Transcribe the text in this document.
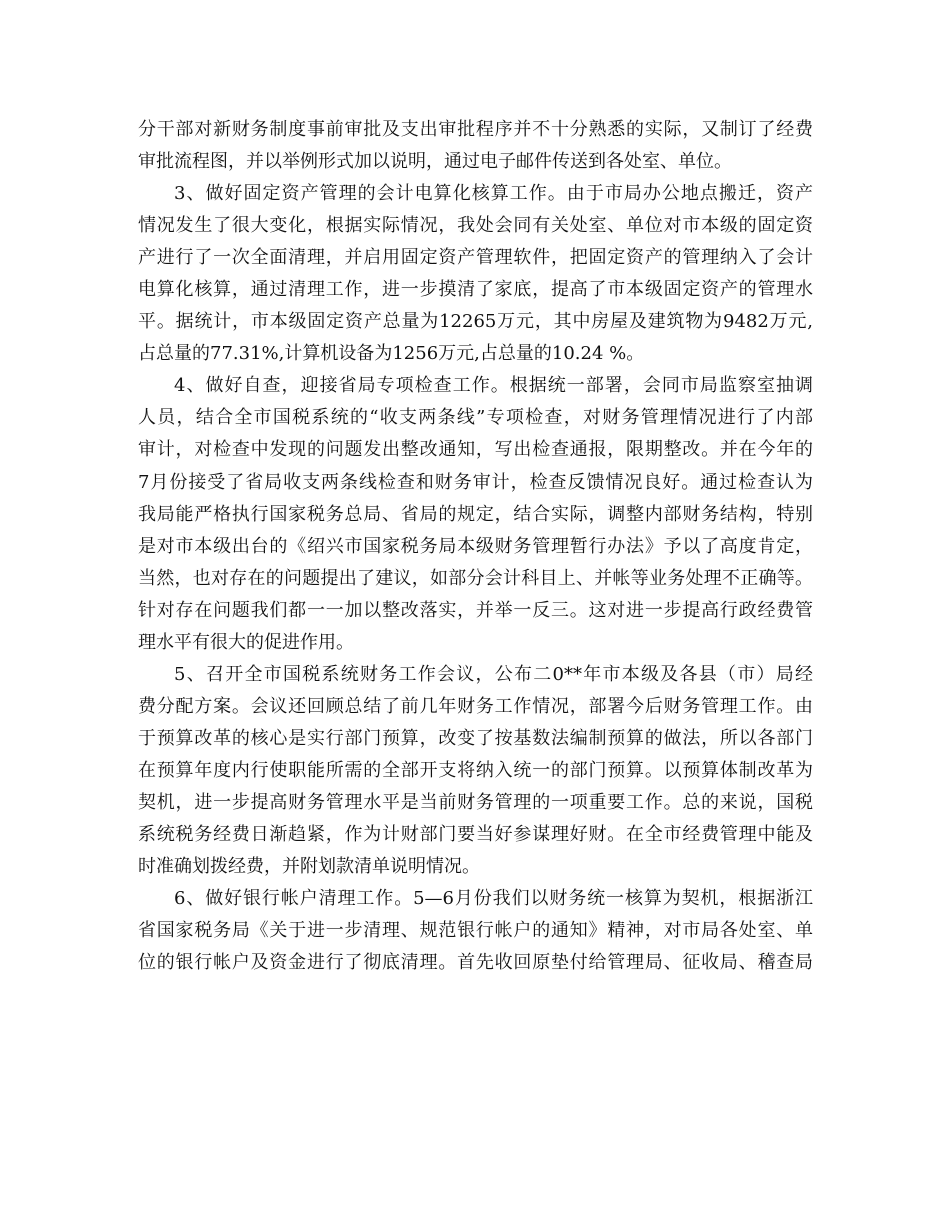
分干部对新财务制度事前审批及支出审批程序并不十分熟悉的实际，又制订了经费
审批流程图，并以举例形式加以说明，通过电子邮件传送到各处室、单位。
3、做好固定资产管理的会计电算化核算工作。由于市局办公地点搬迁，资产
情况发生了很大变化，根据实际情况，我处会同有关处室、单位对市本级的固定资
产进行了一次全面清理，并启用固定资产管理软件，把固定资产的管理纳入了会计
电算化核算，通过清理工作，进一步摸清了家底，提高了市本级固定资产的管理水
平。据统计，市本级固定资产总量为12265万元，其中房屋及建筑物为9482万元,
占总量的77.31%,计算机设备为1256万元,占总量的10.24 %。
4、做好自查，迎接省局专项检查工作。根据统一部署，会同市局监察室抽调
人员，结合全市国税系统的“收支两条线”专项检查，对财务管理情况进行了内部
审计，对检查中发现的问题发出整改通知，写出检查通报，限期整改。并在今年的
7月份接受了省局收支两条线检查和财务审计，检查反馈情况良好。通过检查认为
我局能严格执行国家税务总局、省局的规定，结合实际，调整内部财务结构，特别
是对市本级出台的《绍兴市国家税务局本级财务管理暂行办法》予以了高度肯定，
当然，也对存在的问题提出了建议，如部分会计科目上、并帐等业务处理不正确等。
针对存在问题我们都一一加以整改落实，并举一反三。这对进一步提高行政经费管
理水平有很大的促进作用。
5、召开全市国税系统财务工作会议，公布二0**年市本级及各县（市）局经
费分配方案。会议还回顾总结了前几年财务工作情况，部署今后财务管理工作。由
于预算改革的核心是实行部门预算，改变了按基数法编制预算的做法，所以各部门
在预算年度内行使职能所需的全部开支将纳入统一的部门预算。以预算体制改革为
契机，进一步提高财务管理水平是当前财务管理的一项重要工作。总的来说，国税
系统税务经费日渐趋紧，作为计财部门要当好参谋理好财。在全市经费管理中能及
时准确划拨经费，并附划款清单说明情况。
6、做好银行帐户清理工作。5—6月份我们以财务统一核算为契机，根据浙江
省国家税务局《关于进一步清理、规范银行帐户的通知》精神，对市局各处室、单
位的银行帐户及资金进行了彻底清理。首先收回原垫付给管理局、征收局、稽查局
